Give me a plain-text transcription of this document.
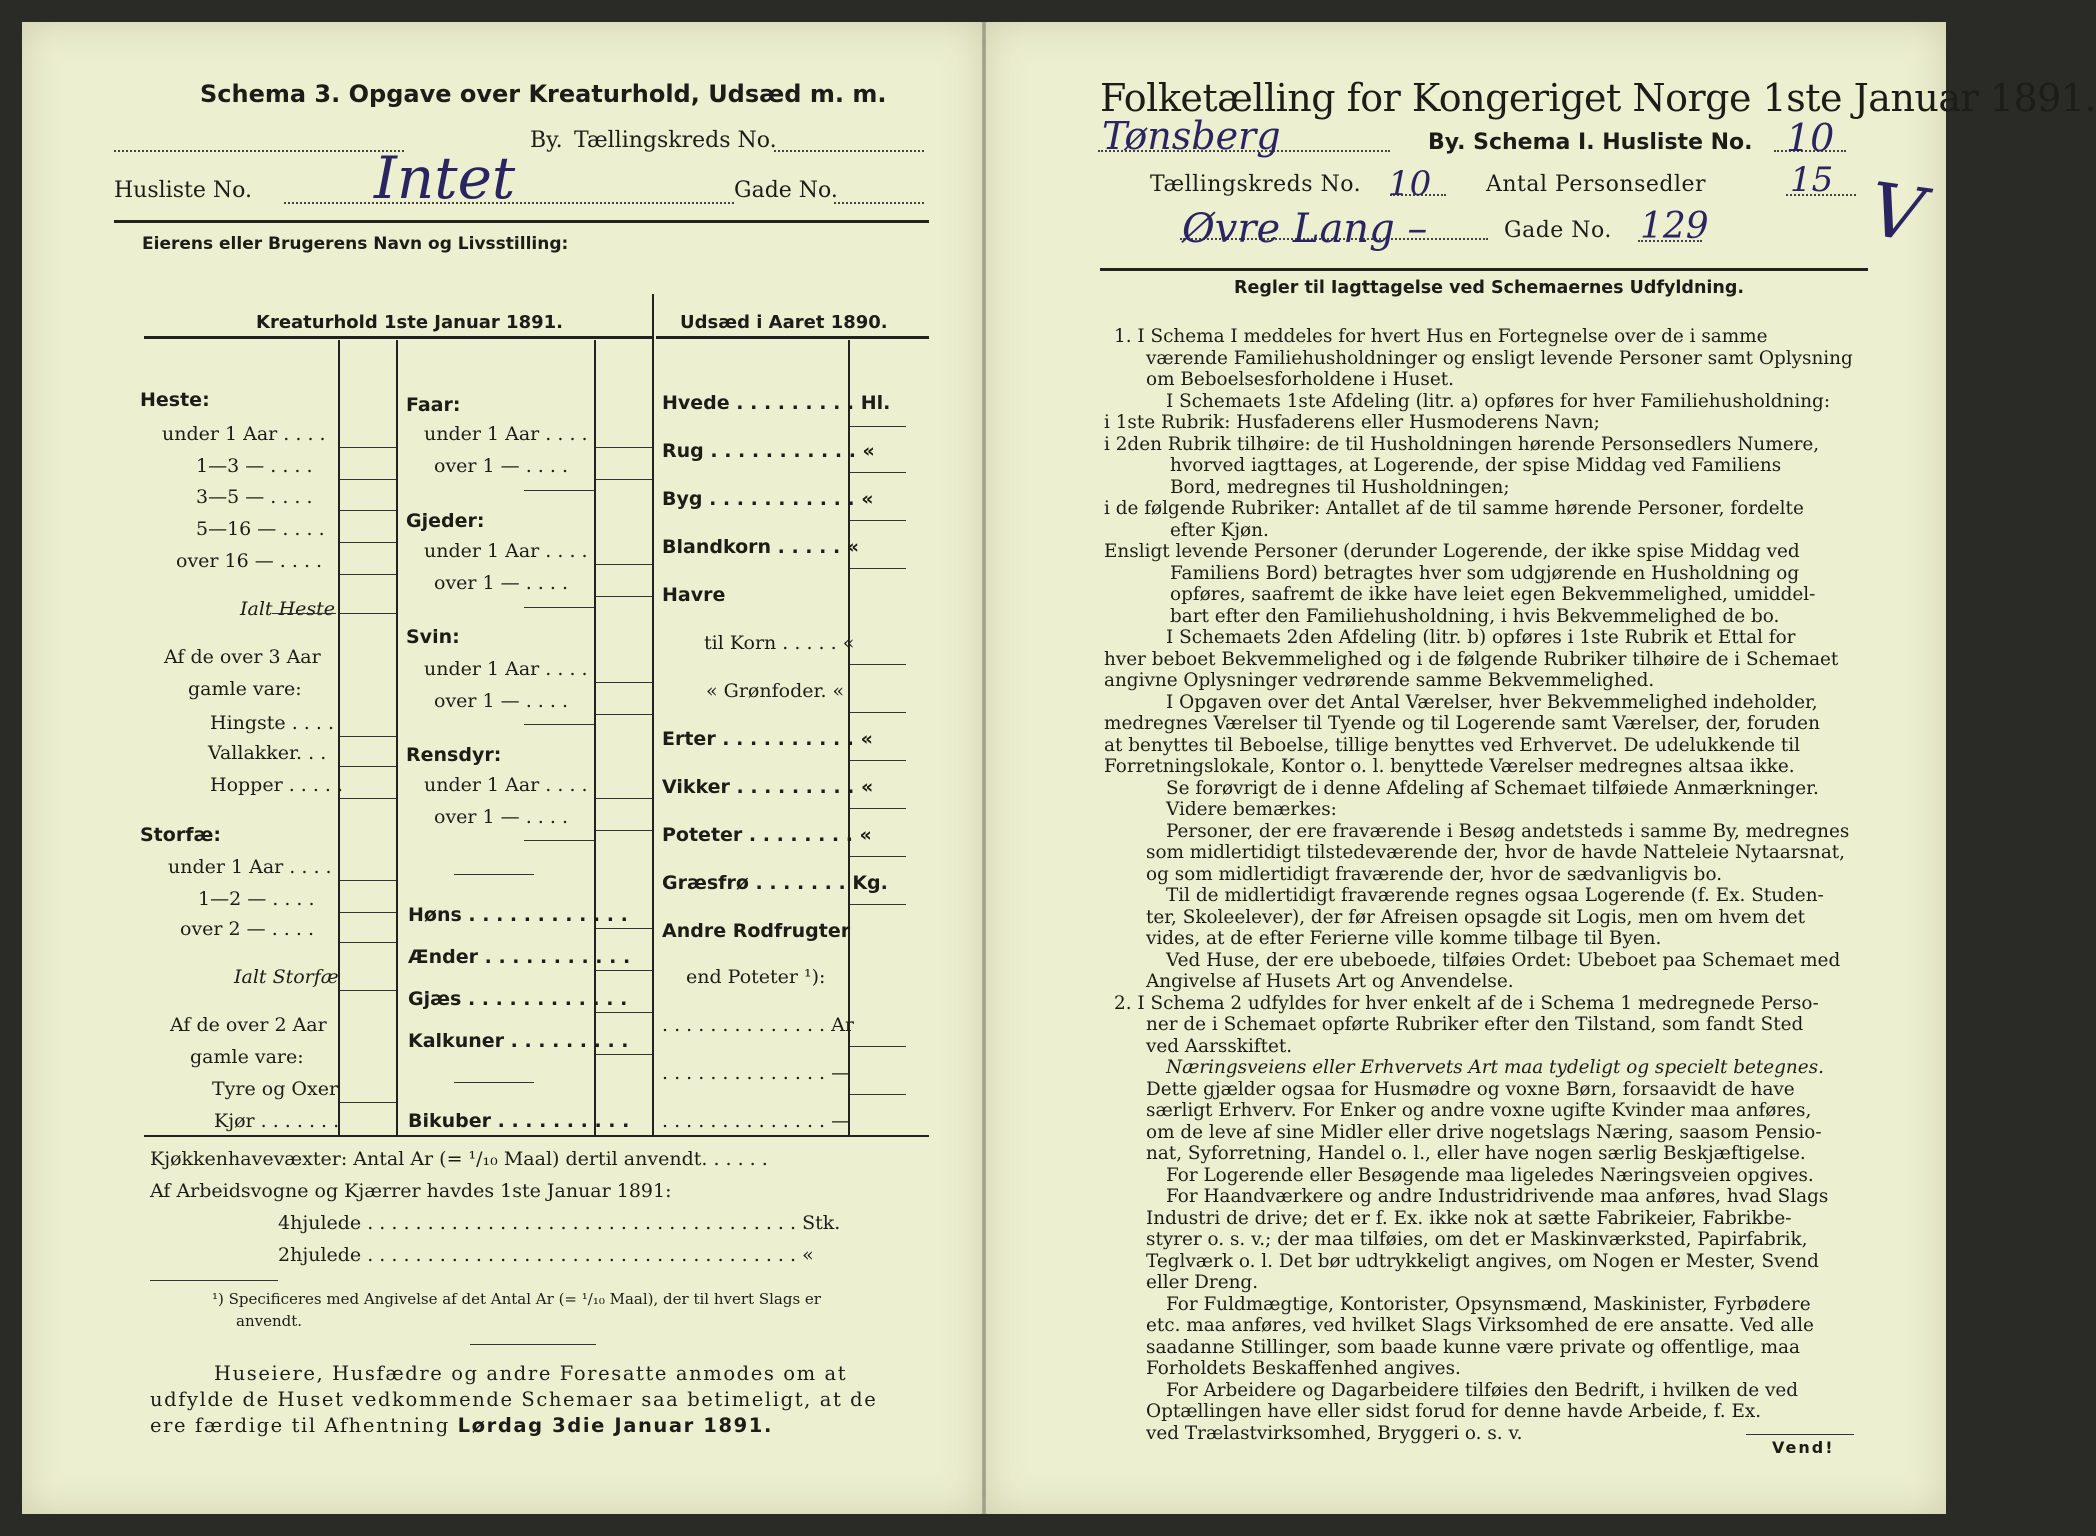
Schema 3. Opgave over Kreaturhold, Udsæd m. m.
By. Tællingskreds No.
Husliste No. Intet	Gade No.
Eierens eller Brugerens Navn og Livsstilling:
Kreaturhold 1ste Januar 1891.	Udsæd i Aaret 1890.
Heste:
under 1 Aar . . . .
1—3 — . . . .
3—5 — . . . .
5—16 — . . . .
over 16 — . . . .
Ialt Heste
Af de over 3 Aar
gamle vare:
Hingste . . . .
Vallakker. . .
Hopper . . . . .
Storfæ:
under 1 Aar . . . .
1—2 — . . . .
over 2 — . . . .
Ialt Storfæ
Af de over 2 Aar
gamle vare:
Tyre og Oxer
Kjør . . . . . . .
Faar:
under 1 Aar . . . .
over 1 — . . . .
Gjeder:
under 1 Aar . . . .
over 1 — . . . .
Svin:
under 1 Aar . . . .
over 1 — . . . .
Rensdyr:
under 1 Aar . . . .
over 1 — . . . .
Høns . . . . . . . . . . . .
Ænder . . . . . . . . . . .
Gjæs . . . . . . . . . . . .
Kalkuner . . . . . . . . .
Bikuber . . . . . . . . . .
Hvede . . . . . . . . . Hl.
Rug . . . . . . . . . . . «
Byg . . . . . . . . . . . «
Blandkorn . . . . . «
Havre
til Korn . . . . . «
« Grønfoder. «
Erter . . . . . . . . . . «
Vikker . . . . . . . . . «
Poteter . . . . . . . . «
Græsfrø . . . . . . . Kg.
Andre Rodfrugter
end Poteter ¹):
. . . . . . . . . . . . . . Ar
. . . . . . . . . . . . . . —
. . . . . . . . . . . . . . —
Kjøkkenhavevæxter: Antal Ar (= ¹/₁₀ Maal) dertil anvendt. . . . . .
Af Arbeidsvogne og Kjærrer havdes 1ste Januar 1891:
4hjulede . . . . . . . . . . . . . . . . . . . . . . . . . . . . . . . . . . . . Stk.
2hjulede . . . . . . . . . . . . . . . . . . . . . . . . . . . . . . . . . . . . «
¹) Specificeres med Angivelse af det Antal Ar (= ¹/₁₀ Maal), der til hvert Slags er
anvendt.
Huseiere, Husfædre og andre Foresatte anmodes om at
udfylde de Huset vedkommende Schemaer saa betimeligt, at de
ere færdige til Afhentning Lørdag 3die Januar 1891.
Folketælling for Kongeriget Norge 1ste Januar 1891.
Tønsberg	By. Schema I. Husliste No. 10
Tællingskreds No. 10 Antal Personsedler 15 V
Øvre Lang –	Gade No. 129
Regler til Iagttagelse ved Schemaernes Udfyldning.

1. I Schema I meddeles for hvert Hus en Fortegnelse over de i samme

værende Familiehusholdninger og ensligt levende Personer samt Oplysning

om Beboelsesforholdene i Huset.

I Schemaets 1ste Afdeling (litr. a) opføres for hver Familiehusholdning:

i 1ste Rubrik: Husfaderens eller Husmoderens Navn;

i 2den Rubrik tilhøire: de til Husholdningen hørende Personsedlers Numere,

hvorved iagttages, at Logerende, der spise Middag ved Familiens

Bord, medregnes til Husholdningen;

i de følgende Rubriker: Antallet af de til samme hørende Personer, fordelte

efter Kjøn.

Ensligt levende Personer (derunder Logerende, der ikke spise Middag ved

Familiens Bord) betragtes hver som udgjørende en Husholdning og

opføres, saafremt de ikke have leiet egen Bekvemmelighed, umiddel-

bart efter den Familiehusholdning, i hvis Bekvemmelighed de bo.

I Schemaets 2den Afdeling (litr. b) opføres i 1ste Rubrik et Ettal for

hver beboet Bekvemmelighed og i de følgende Rubriker tilhøire de i Schemaet

angivne Oplysninger vedrørende samme Bekvemmelighed.

I Opgaven over det Antal Værelser, hver Bekvemmelighed indeholder,

medregnes Værelser til Tyende og til Logerende samt Værelser, der, foruden

at benyttes til Beboelse, tillige benyttes ved Erhvervet. De udelukkende til

Forretningslokale, Kontor o. l. benyttede Værelser medregnes altsaa ikke.

Se forøvrigt de i denne Afdeling af Schemaet tilføiede Anmærkninger.

Videre bemærkes:

Personer, der ere fraværende i Besøg andetsteds i samme By, medregnes

som midlertidigt tilstedeværende der, hvor de havde Natteleie Nytaarsnat,

og som midlertidigt fraværende der, hvor de sædvanligvis bo.

Til de midlertidigt fraværende regnes ogsaa Logerende (f. Ex. Studen-

ter, Skoleelever), der før Afreisen opsagde sit Logis, men om hvem det

vides, at de efter Ferierne ville komme tilbage til Byen.

Ved Huse, der ere ubeboede, tilføies Ordet: Ubeboet paa Schemaet med

Angivelse af Husets Art og Anvendelse.

2. I Schema 2 udfyldes for hver enkelt af de i Schema 1 medregnede Perso-

ner de i Schemaet opførte Rubriker efter den Tilstand, som fandt Sted

ved Aarsskiftet.

Næringsveiens eller Erhvervets Art maa tydeligt og specielt betegnes.

Dette gjælder ogsaa for Husmødre og voxne Børn, forsaavidt de have

særligt Erhverv. For Enker og andre voxne ugifte Kvinder maa anføres,

om de leve af sine Midler eller drive nogetslags Næring, saasom Pensio-

nat, Syforretning, Handel o. l., eller have nogen særlig Beskjæftigelse.

For Logerende eller Besøgende maa ligeledes Næringsveien opgives.

For Haandværkere og andre Industridrivende maa anføres, hvad Slags

Industri de drive; det er f. Ex. ikke nok at sætte Fabrikeier, Fabrikbe-

styrer o. s. v.; der maa tilføies, om det er Maskinværksted, Papirfabrik,

Teglværk o. l. Det bør udtrykkeligt angives, om Nogen er Mester, Svend

eller Dreng.

For Fuldmægtige, Kontorister, Opsynsmænd, Maskinister, Fyrbødere

etc. maa anføres, ved hvilket Slags Virksomhed de ere ansatte. Ved alle

saadanne Stillinger, som baade kunne være private og offentlige, maa

Forholdets Beskaffenhed angives.

For Arbeidere og Dagarbeidere tilføies den Bedrift, i hvilken de ved

Optællingen have eller sidst forud for denne havde Arbeide, f. Ex.

ved Trælastvirksomhed, Bryggeri o. s. v.

Vend!
